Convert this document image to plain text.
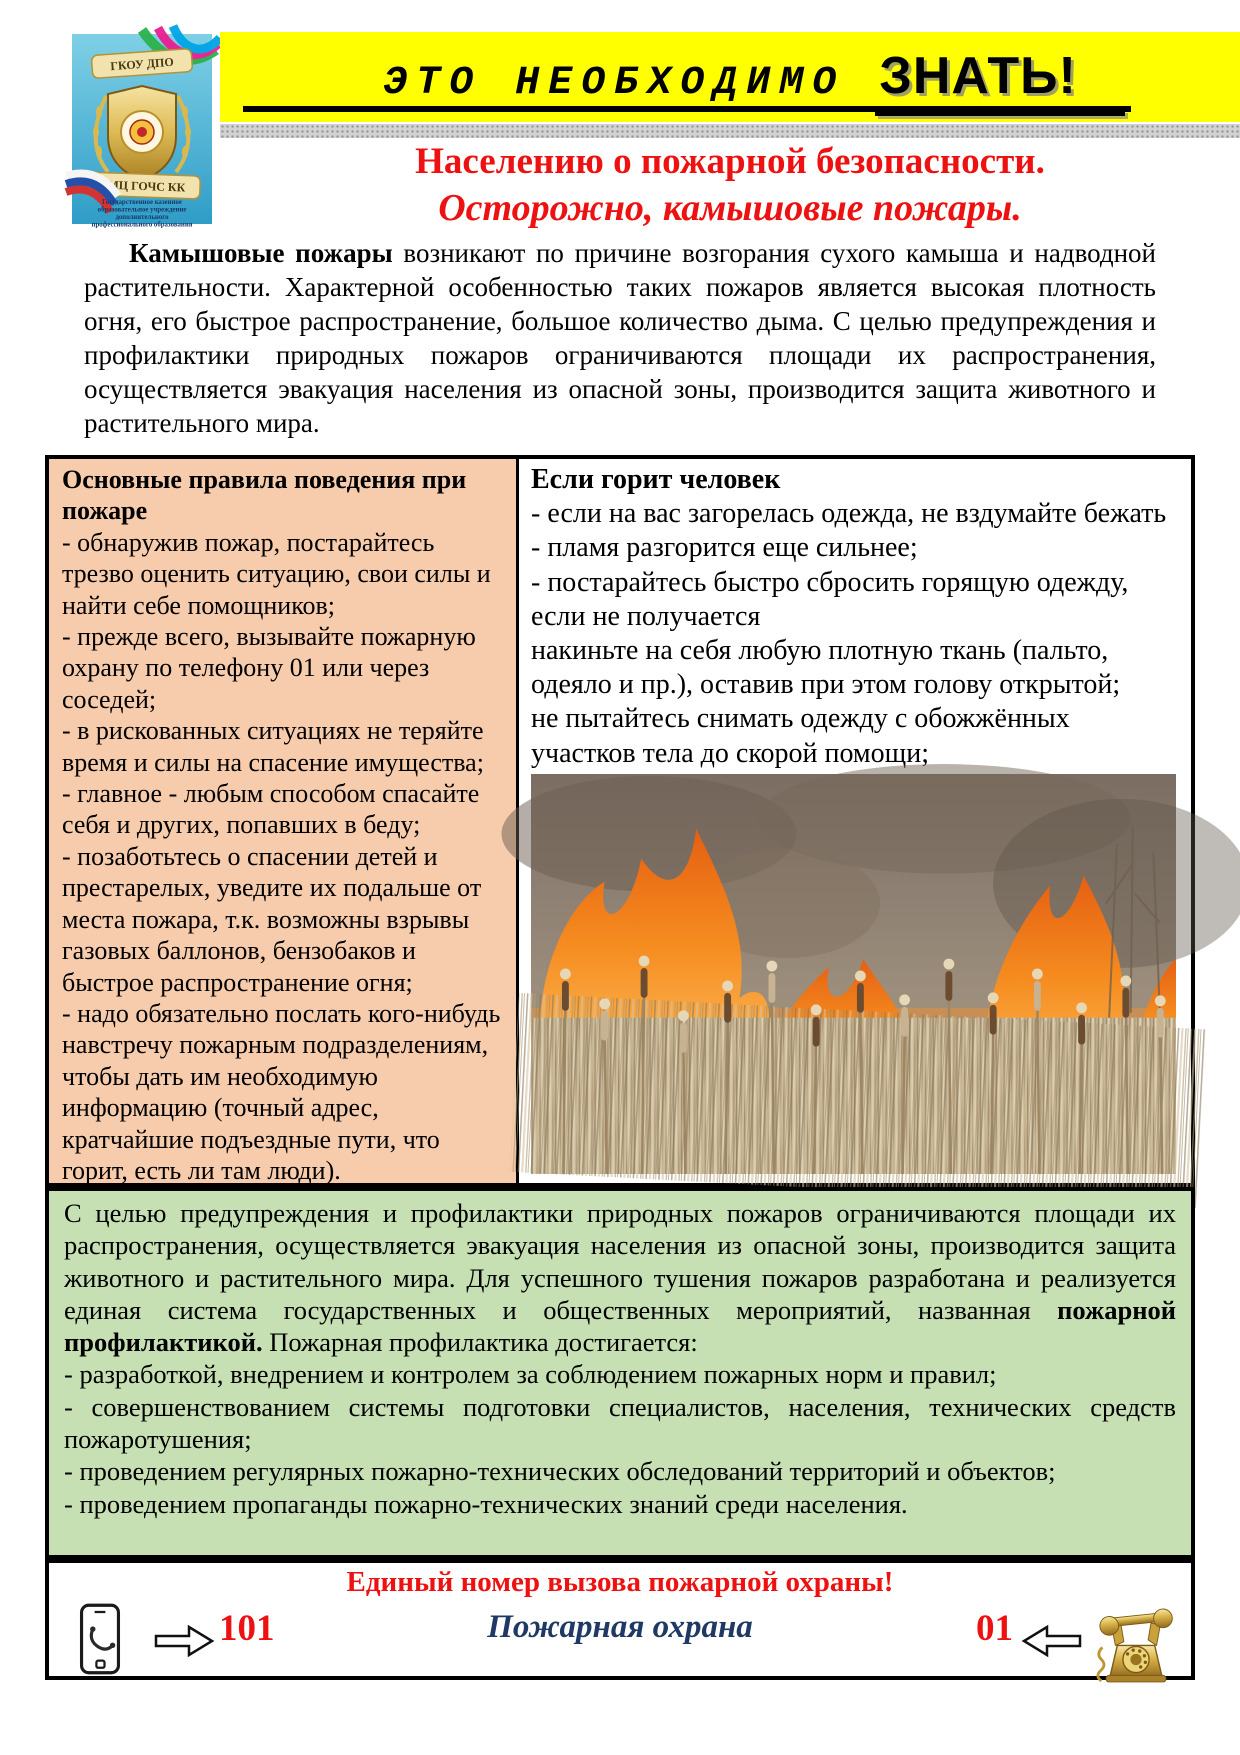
ГКОУ ДПО
УМЦ ГОЧС КК
Государственное казенное
образовательное учреждение
дополнительного
профессионального образования
ЭТО НЕОБХОДИМО ЗНАТЬ!
Населению о пожарной безопасности.
Осторожно, камышовые пожары.
Камышовые пожары возникают по причине возгорания сухого камыша и надводной растительности. Характерной особенностью таких пожаров является высокая плотность огня, его быстрое распространение, большое количество дыма. С целью предупреждения и профилактики природных пожаров ограничиваются площади их распространения, осуществляется эвакуация населения из опасной зоны, производится защита животного и растительного мира.
Основные правила поведения при пожаре
- обнаружив пожар, постарайтесь трезво оценить ситуацию, свои силы и найти себе помощников;
- прежде всего, вызывайте пожарную охрану по телефону 01 или через соседей;
- в рискованных ситуациях не теряйте время и силы на спасение имущества;
- главное - любым способом спасайте себя и других, попавших в беду;
- позаботьтесь о спасении детей и престарелых, уведите их подальше от места пожара, т.к. возможны взрывы газовых баллонов, бензобаков и быстрое распространение огня;
- надо обязательно послать кого-нибудь навстречу пожарным подразделениям, чтобы дать им необходимую информацию (точный адрес, кратчайшие подъездные пути, что горит, есть ли там люди).
Если горит человек
- если на вас загорелась одежда, не вздумайте бежать - пламя разгорится еще сильнее;
- постарайтесь быстро сбросить горящую одежду, если не получается
накиньте на себя любую плотную ткань (пальто, одеяло и пр.), оставив при этом голову открытой;
не пытайтесь снимать одежду с обожжённых участков тела до скорой помощи;
С целью предупреждения и профилактики природных пожаров ограничиваются площади их распространения, осуществляется эвакуация населения из опасной зоны, производится защита животного и растительного мира. Для успешного тушения пожаров разработана и реализуется единая система государственных и общественных мероприятий, названная пожарной профилактикой. Пожарная профилактика достигается:
- разработкой, внедрением и контролем за соблюдением пожарных норм и правил;
- совершенствованием системы подготовки специалистов, населения, технических средств пожаротушения;
- проведением регулярных пожарно-технических обследований территорий и объектов;
- проведением пропаганды пожарно-технических знаний среди населения.
Единый номер вызова пожарной охраны!
101	Пожарная охрана	01
